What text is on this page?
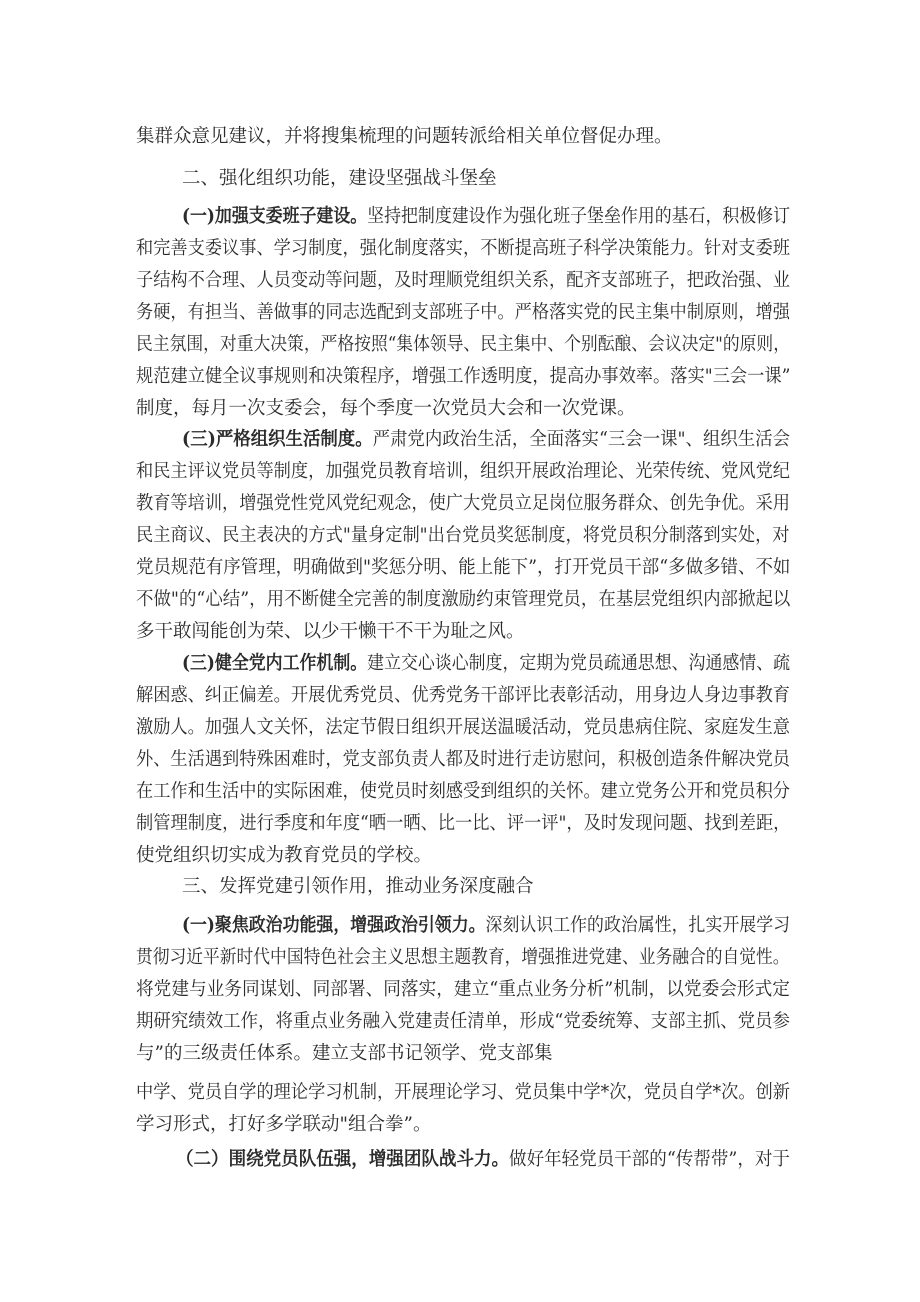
集群众意见建议，并将搜集梳理的问题转派给相关单位督促办理。

二、强化组织功能，建设坚强战斗堡垒

(一)加强支委班子建设。坚持把制度建设作为强化班子堡垒作用的基石，积极修订

和完善支委议事、学习制度，强化制度落实，不断提高班子科学决策能力。针对支委班

子结构不合理、人员变动等问题，及时理顺党组织关系，配齐支部班子，把政治强、业

务硬，有担当、善做事的同志选配到支部班子中。严格落实党的民主集中制原则，增强

民主氛围，对重大决策，严格按照“集体领导、民主集中、个别酝酿、会议决定"的原则，

规范建立健全议事规则和决策程序，增强工作透明度，提高办事效率。落实"三会一课”

制度，每月一次支委会，每个季度一次党员大会和一次党课。

(三)严格组织生活制度。严肃党内政治生活，全面落实“三会一课"、组织生活会

和民主评议党员等制度，加强党员教育培训，组织开展政治理论、光荣传统、党风党纪

教育等培训，增强党性党风党纪观念，使广大党员立足岗位服务群众、创先争优。采用

民主商议、民主表决的方式"量身定制"出台党员奖惩制度，将党员积分制落到实处，对

党员规范有序管理，明确做到"奖惩分明、能上能下”，打开党员干部“多做多错、不如

不做"的“心结”，用不断健全完善的制度激励约束管理党员，在基层党组织内部掀起以

多干敢闯能创为荣、以少干懒干不干为耻之风。

(三)健全党内工作机制。建立交心谈心制度，定期为党员疏通思想、沟通感情、疏

解困惑、纠正偏差。开展优秀党员、优秀党务干部评比表彰活动，用身边人身边事教育

激励人。加强人文关怀，法定节假日组织开展送温暖活动，党员患病住院、家庭发生意

外、生活遇到特殊困难时，党支部负责人都及时进行走访慰问，积极创造条件解决党员

在工作和生活中的实际困难，使党员时刻感受到组织的关怀。建立党务公开和党员积分

制管理制度，进行季度和年度“晒一晒、比一比、评一评"，及时发现问题、找到差距，

使党组织切实成为教育党员的学校。

三、发挥党建引领作用，推动业务深度融合

(一)聚焦政治功能强，增强政治引领力。深刻认识工作的政治属性，扎实开展学习

贯彻习近平新时代中国特色社会主义思想主题教育，增强推进党建、业务融合的自觉性。

将党建与业务同谋划、同部署、同落实，建立“重点业务分析”机制，以党委会形式定

期研究绩效工作，将重点业务融入党建责任清单，形成“党委统筹、支部主抓、党员参

与”的三级责任体系。建立支部书记领学、党支部集

中学、党员自学的理论学习机制，开展理论学习、党员集中学*次，党员自学*次。创新

学习形式，打好多学联动"组合拳”。

（二）围绕党员队伍强，增强团队战斗力。做好年轻党员干部的“传帮带”，对于
